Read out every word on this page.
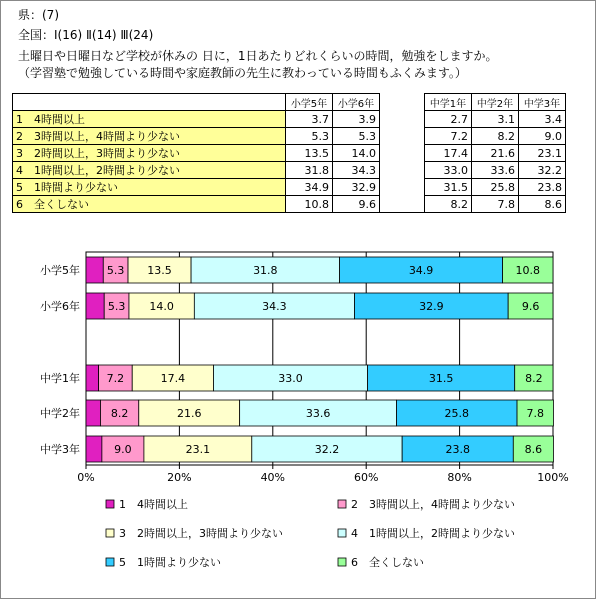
県：(7)
全国：Ⅰ(16) Ⅱ(14) Ⅲ(24)
土曜日や日曜日など学校が休みの 日に，1日あたりどれくらいの時間，勉強をしますか。
（学習塾で勉強している時間や家庭教師の先生に教わっている時間もふくみます。）
	小学5年	小学6年		中学1年	中学2年	中学3年
1　4時間以上	3.7	3.9		2.7	3.1	3.4
2　3時間以上，4時間より少ない	5.3	5.3		7.2	8.2	9.0
3　2時間以上，3時間より少ない	13.5	14.0		17.4	21.6	23.1
4　1時間以上，2時間より少ない	31.8	34.3		33.0	33.6	32.2
5　1時間より少ない	34.9	32.9		31.5	25.8	23.8
6　全くしない	10.8	9.6		8.2	7.8	8.6
0%	20%	40%	60%	80%	100%
小学5年 5.3 13.5	31.8	34.9	10.8
小学6年	5.3 14.0	34.3	32.9	9.6
中学1年 7.2	17.4	33.0	31.5	8.2
中学2年	8.2	21.6	33.6	25.8	7.8
中学3年	9.0	23.1	32.2	23.8	8.6
1　4時間以上	2　3時間以上，4時間より少ない
3　2時間以上，3時間より少ない	4　1時間以上，2時間より少ない
5　1時間より少ない	6　全くしない
